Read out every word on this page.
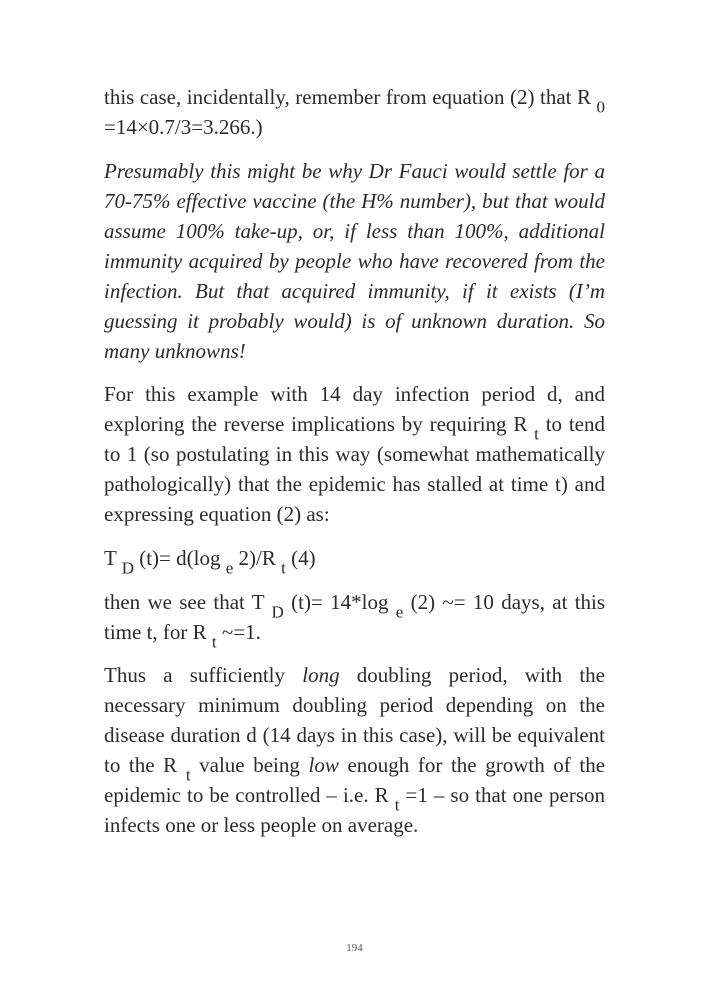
this case, incidentally, remember from equation (2) that R $_0$ =14×0.7/3=3.266.)

Presumably this might be why Dr Fauci would settle for a 70-75% effective vaccine (the H% number), but that would assume 100% take-up, or, if less than 100%, additional immunity acquired by people who have recovered from the infection. But that acquired immunity, if it exists (I’m guessing it probably would) is of unknown duration. So many unknowns!

For this example with 14 day infection period d, and exploring the reverse implications by requiring R $_t$ to tend to 1 (so postulating in this way (somewhat mathematically pathologically) that the epidemic has stalled at time t) and expressing equation (2) as:

T $_D$ (t)= d(log $_e$ 2)/R $_t$ (4)

then we see that T $_D$ (t)= 14*log $_e$ (2) ~= 10 days, at this time t, for R $_t$ ~=1.

Thus a sufficiently long doubling period, with the necessary minimum doubling period depending on the disease duration d (14 days in this case), will be equivalent to the R $_t$ value being low enough for the growth of the epidemic to be controlled – i.e. R $_t$ =1 – so that one person infects one or less people on average.

194
